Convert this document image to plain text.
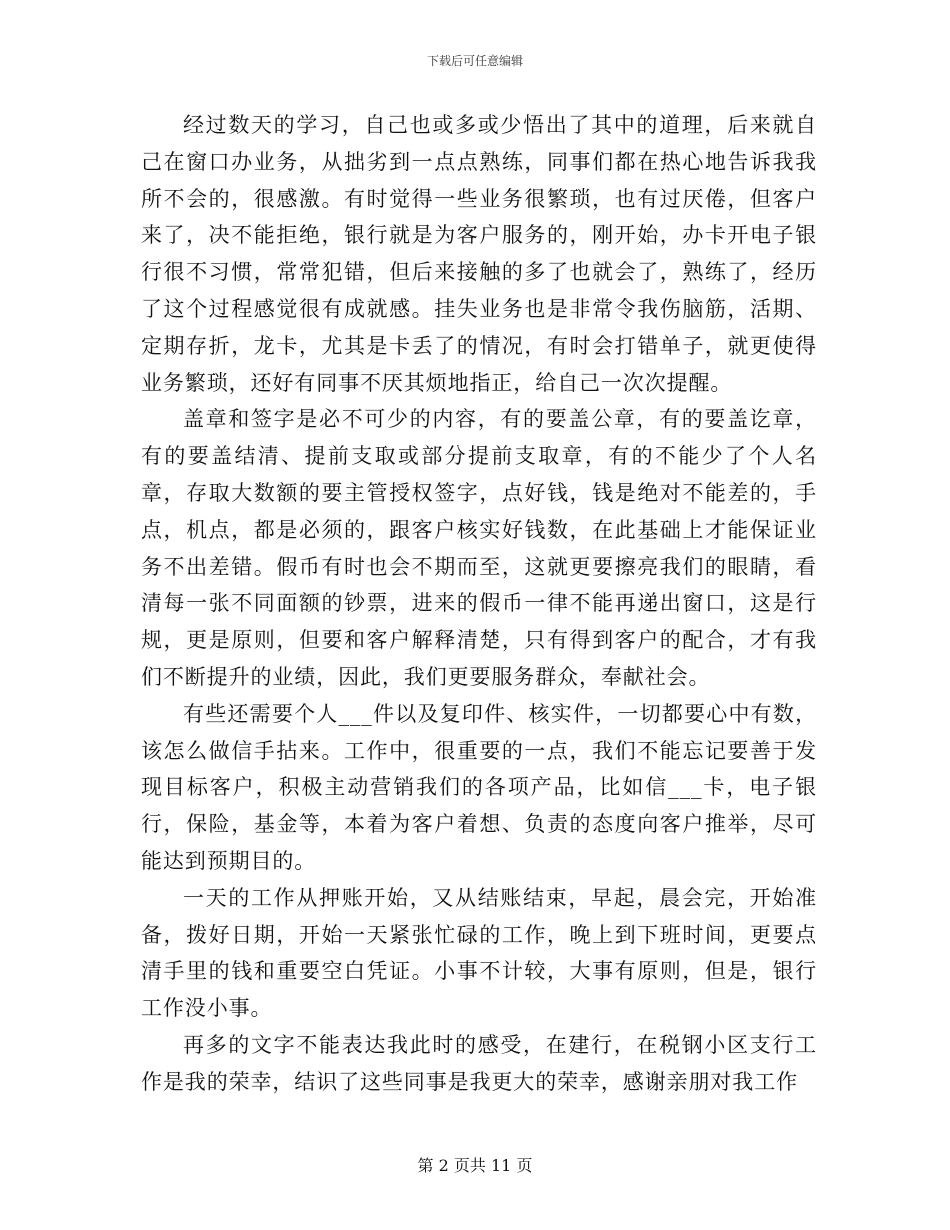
下载后可任意编辑

经过数天的学习，自己也或多或少悟出了其中的道理，后来就自己在窗口办业务，从拙劣到一点点熟练，同事们都在热心地告诉我我所不会的，很感激。有时觉得一些业务很繁琐，也有过厌倦，但客户来了，决不能拒绝，银行就是为客户服务的，刚开始，办卡开电子银行很不习惯，常常犯错，但后来接触的多了也就会了，熟练了，经历了这个过程感觉很有成就感。挂失业务也是非常令我伤脑筋，活期、定期存折，龙卡，尤其是卡丢了的情况，有时会打错单子，就更使得业务繁琐，还好有同事不厌其烦地指正，给自己一次次提醒。

盖章和签字是必不可少的内容，有的要盖公章，有的要盖讫章，有的要盖结清、提前支取或部分提前支取章，有的不能少了个人名章，存取大数额的要主管授权签字，点好钱，钱是绝对不能差的，手点，机点，都是必须的，跟客户核实好钱数，在此基础上才能保证业务不出差错。假币有时也会不期而至，这就更要擦亮我们的眼睛，看清每一张不同面额的钞票，进来的假币一律不能再递出窗口，这是行规，更是原则，但要和客户解释清楚，只有得到客户的配合，才有我们不断提升的业绩，因此，我们更要服务群众，奉献社会。

有些还需要个人___件以及复印件、核实件，一切都要心中有数，该怎么做信手拈来。工作中，很重要的一点，我们不能忘记要善于发现目标客户，积极主动营销我们的各项产品，比如信___卡，电子银行，保险，基金等，本着为客户着想、负责的态度向客户推举，尽可能达到预期目的。

一天的工作从押账开始，又从结账结束，早起，晨会完，开始准备，拨好日期，开始一天紧张忙碌的工作，晚上到下班时间，更要点清手里的钱和重要空白凭证。小事不计较，大事有原则，但是，银行工作没小事。

再多的文字不能表达我此时的感受，在建行，在税钢小区支行工作是我的荣幸，结识了这些同事是我更大的荣幸，感谢亲朋对我工作

第 2 页共 11 页
